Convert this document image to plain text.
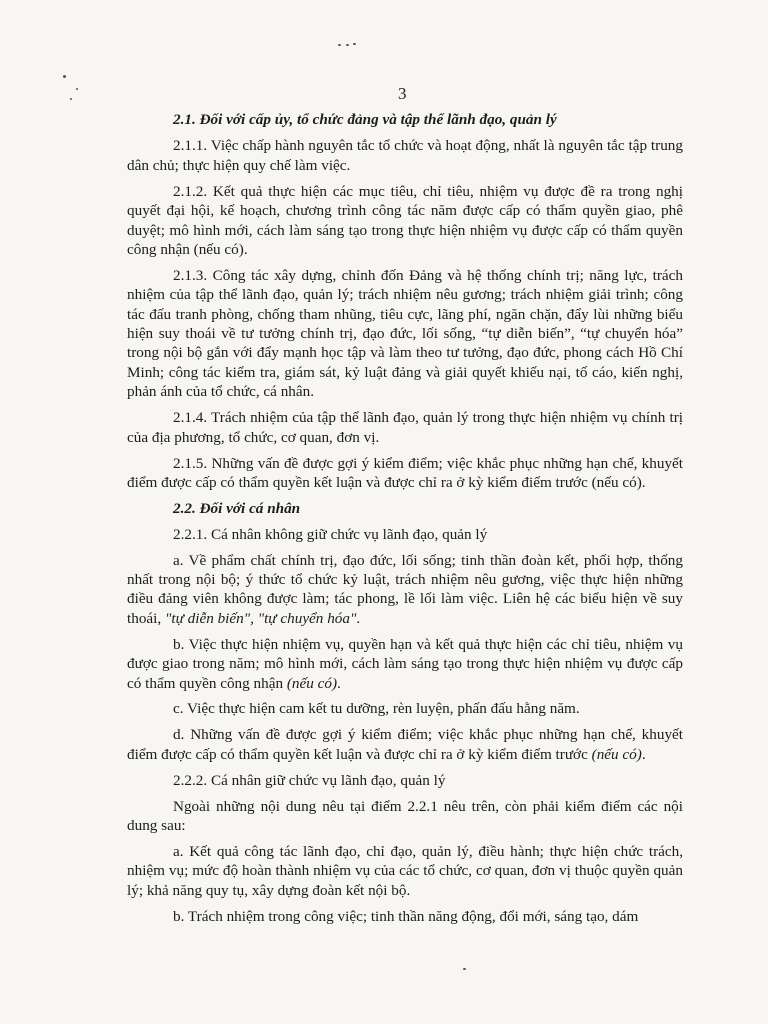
3

2.1. Đối với cấp ủy, tổ chức đảng và tập thể lãnh đạo, quản lý

2.1.1. Việc chấp hành nguyên tắc tổ chức và hoạt động, nhất là nguyên tắc tập trung dân chủ; thực hiện quy chế làm việc.

2.1.2. Kết quả thực hiện các mục tiêu, chỉ tiêu, nhiệm vụ được đề ra trong nghị quyết đại hội, kế hoạch, chương trình công tác năm được cấp có thẩm quyền giao, phê duyệt; mô hình mới, cách làm sáng tạo trong thực hiện nhiệm vụ được cấp có thẩm quyền công nhận (nếu có).

2.1.3. Công tác xây dựng, chỉnh đốn Đảng và hệ thống chính trị; năng lực, trách nhiệm của tập thể lãnh đạo, quản lý; trách nhiệm nêu gương; trách nhiệm giải trình; công tác đấu tranh phòng, chống tham nhũng, tiêu cực, lãng phí, ngăn chặn, đẩy lùi những biểu hiện suy thoái về tư tưởng chính trị, đạo đức, lối sống, “tự diễn biến”, “tự chuyển hóa” trong nội bộ gắn với đẩy mạnh học tập và làm theo tư tưởng, đạo đức, phong cách Hồ Chí Minh; công tác kiểm tra, giám sát, kỷ luật đảng và giải quyết khiếu nại, tố cáo, kiến nghị, phản ánh của tổ chức, cá nhân.

2.1.4. Trách nhiệm của tập thể lãnh đạo, quản lý trong thực hiện nhiệm vụ chính trị của địa phương, tổ chức, cơ quan, đơn vị.

2.1.5. Những vấn đề được gợi ý kiểm điểm; việc khắc phục những hạn chế, khuyết điểm được cấp có thẩm quyền kết luận và được chỉ ra ở kỳ kiểm điểm trước (nếu có).

2.2. Đối với cá nhân

2.2.1. Cá nhân không giữ chức vụ lãnh đạo, quản lý

a. Về phẩm chất chính trị, đạo đức, lối sống; tinh thần đoàn kết, phối hợp, thống nhất trong nội bộ; ý thức tổ chức kỷ luật, trách nhiệm nêu gương, việc thực hiện những điều đảng viên không được làm; tác phong, lề lối làm việc. Liên hệ các biểu hiện về suy thoái, "tự diễn biến", "tự chuyển hóa".

b. Việc thực hiện nhiệm vụ, quyền hạn và kết quả thực hiện các chỉ tiêu, nhiệm vụ được giao trong năm; mô hình mới, cách làm sáng tạo trong thực hiện nhiệm vụ được cấp có thẩm quyền công nhận (nếu có).

c. Việc thực hiện cam kết tu dưỡng, rèn luyện, phấn đấu hằng năm.

d. Những vấn đề được gợi ý kiểm điểm; việc khắc phục những hạn chế, khuyết điểm được cấp có thẩm quyền kết luận và được chỉ ra ở kỳ kiểm điểm trước (nếu có).

2.2.2. Cá nhân giữ chức vụ lãnh đạo, quản lý

Ngoài những nội dung nêu tại điểm 2.2.1 nêu trên, còn phải kiểm điểm các nội dung sau:

a. Kết quả công tác lãnh đạo, chỉ đạo, quản lý, điều hành; thực hiện chức trách, nhiệm vụ; mức độ hoàn thành nhiệm vụ của các tổ chức, cơ quan, đơn vị thuộc quyền quản lý; khả năng quy tụ, xây dựng đoàn kết nội bộ.

b. Trách nhiệm trong công việc; tinh thần năng động, đổi mới, sáng tạo, dám
